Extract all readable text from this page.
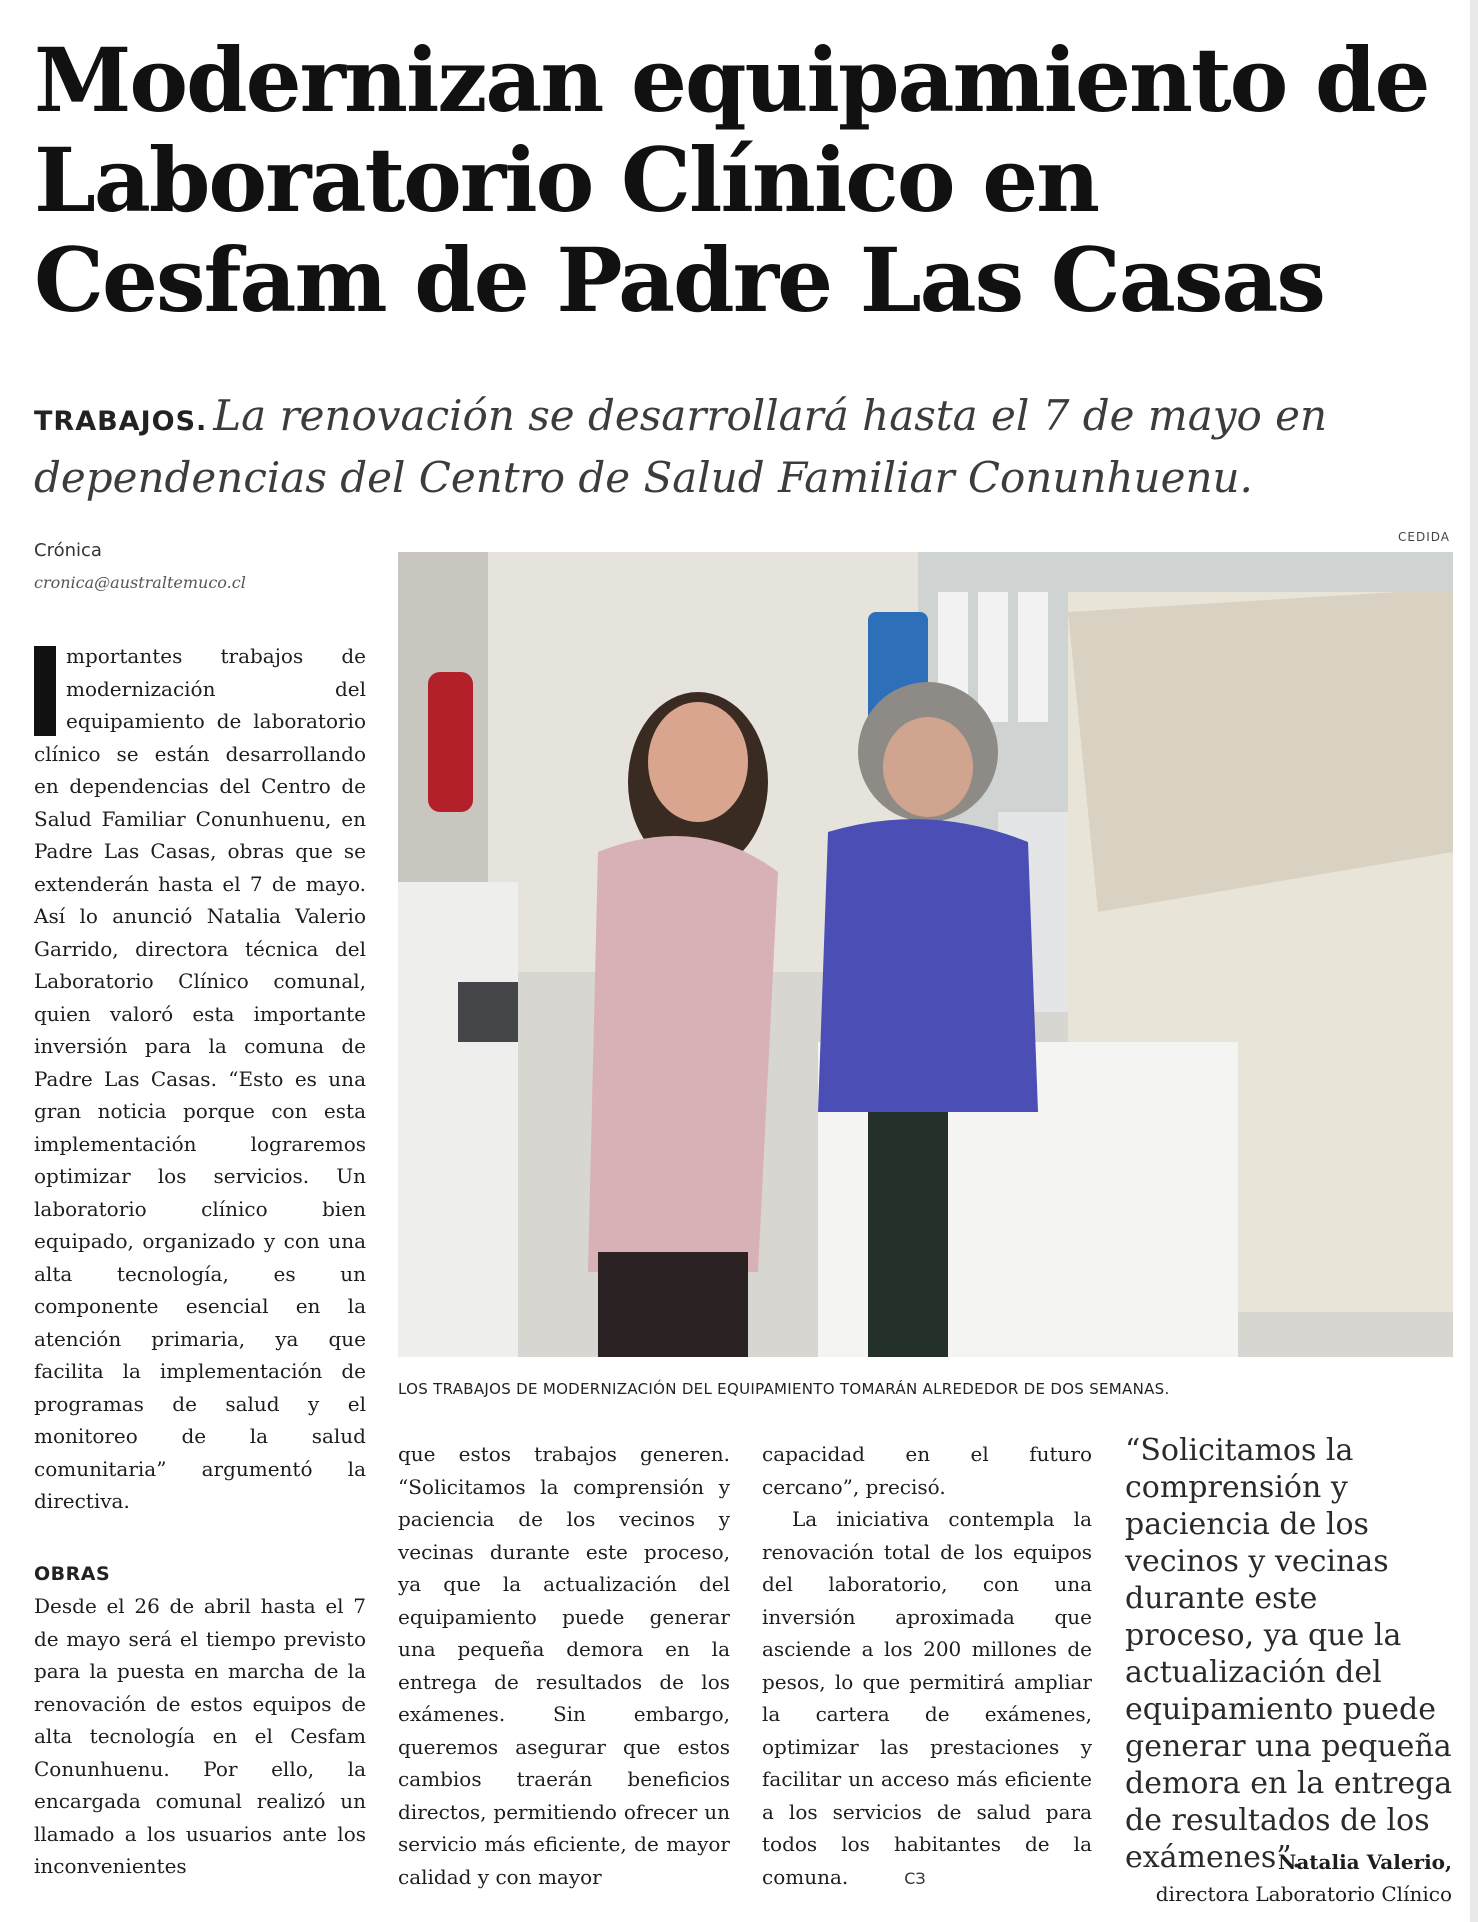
Modernizan equipamiento de Laboratorio Clínico en Cesfam de Padre Las Casas
TRABAJOS. La renovación se desarrollará hasta el 7 de mayo en dependencias del Centro de Salud Familiar Conunhuenu.
Crónica
cronica@australtemuco.cl
CEDIDA
LOS TRABAJOS DE MODERNIZACIÓN DEL EQUIPAMIENTO TOMARÁN ALREDEDOR DE DOS SEMANAS.

mportantes trabajos de modernización del equipamiento de laboratorio clínico se están desarrollando en dependencias del Centro de Salud Familiar Conunhuenu, en Padre Las Casas, obras que se extenderán hasta el 7 de mayo. Así lo anunció Natalia Valerio Garrido, directora técnica del Laboratorio Clínico comunal, quien valoró esta importante inversión para la comuna de Padre Las Casas. “Esto es una gran noticia porque con esta implementación lograremos optimizar los servicios. Un laboratorio clínico bien equipado, organizado y con una alta tecnología, es un componente esencial en la atención primaria, ya que facilita la implementación de programas de salud y el monitoreo de la salud comunitaria” argumentó la directiva.

OBRAS

Desde el 26 de abril hasta el 7 de mayo será el tiempo previsto para la puesta en marcha de la renovación de estos equipos de alta tecnología en el Cesfam Conunhuenu. Por ello, la encargada comunal realizó un llamado a los usuarios ante los inconvenientes

que estos trabajos generen. “Solicitamos la comprensión y paciencia de los vecinos y vecinas durante este proceso, ya que la actualización del equipamiento puede generar una pequeña demora en la entrega de resultados de los exámenes. Sin embargo, queremos asegurar que estos cambios traerán beneficios directos, permitiendo ofrecer un servicio más eficiente, de mayor calidad y con mayor

capacidad en el futuro cercano”, precisó.

La iniciativa contempla la renovación total de los equipos del laboratorio, con una inversión aproximada que asciende a los 200 millones de pesos, lo que permitirá ampliar la cartera de exámenes, optimizar las prestaciones y facilitar un acceso más eficiente a los servicios de salud para todos los habitantes de la comuna.	CЗ

“Solicitamos la comprensión y paciencia de los vecinos y vecinas durante este proceso, ya que la actualización del equipamiento puede generar una pequeña demora en la entrega de resultados de los exámenes”.
Natalia Valerio,
directora Laboratorio Clínico
